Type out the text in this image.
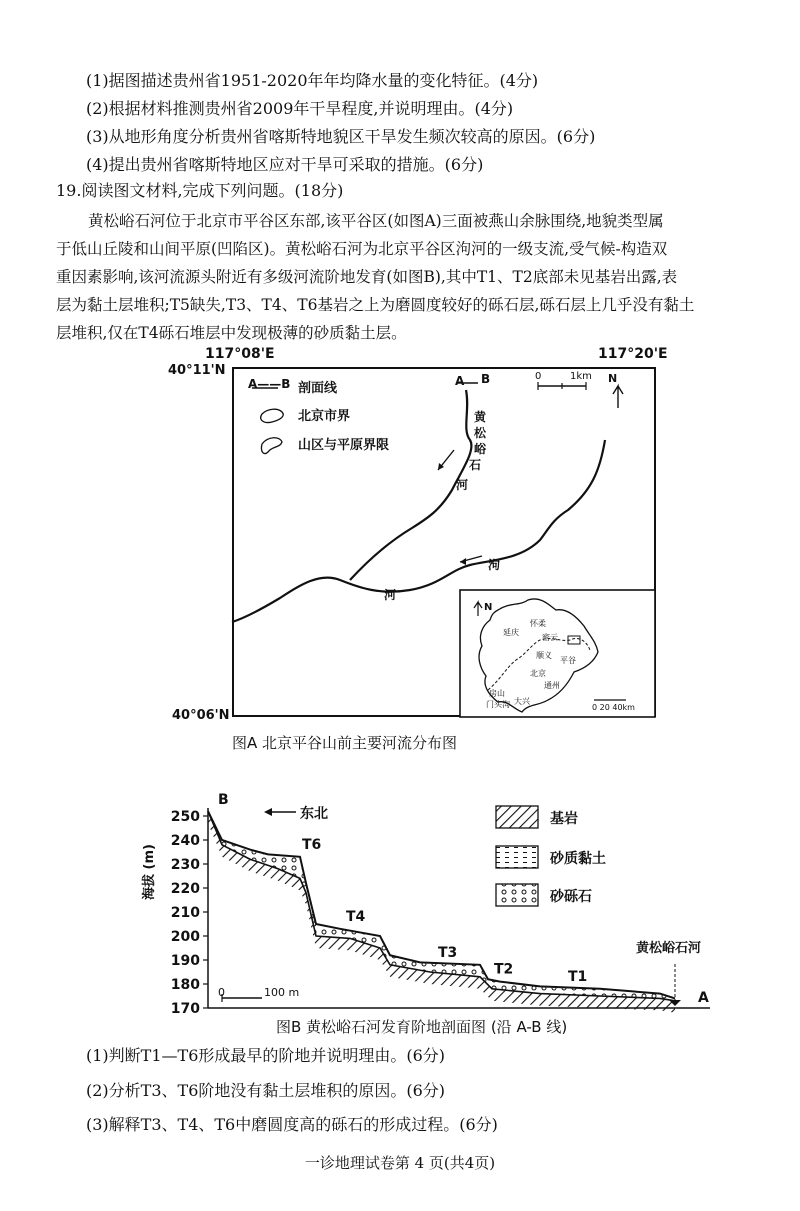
(1)据图描述贵州省1951-2020年年均降水量的变化特征。(4分)
(2)根据材料推测贵州省2009年干旱程度,并说明理由。(4分)
(3)从地形角度分析贵州省喀斯特地貌区干旱发生频次较高的原因。(6分)
(4)提出贵州省喀斯特地区应对干旱可采取的措施。(6分)
19.阅读图文材料,完成下列问题。(18分)
黄松峪石河位于北京市平谷区东部,该平谷区(如图A)三面被燕山余脉围绕,地貌类型属
于低山丘陵和山间平原(凹陷区)。黄松峪石河为北京平谷区泃河的一级支流,受气候-构造双
重因素影响,该河流源头附近有多级河流阶地发育(如图B),其中T1、T2底部未见基岩出露,表
层为黏土层堆积;T5缺失,T3、T4、T6基岩之上为磨圆度较好的砾石层,砾石层上几乎没有黏土
层堆积,仅在T4砾石堆层中发现极薄的砂质黏土层。
117°08'E	117°20'E
40°11'N
40°06'N
A——B 剖面线
北京市界
山区与平原界限
A B	0	1km N
黄
松
峪
石
河
泃
河
N
延庆
怀柔
密云
平谷
顺义
北京
通州
房山
门头沟 大兴
0 20 40km
图A 北京平谷山前主要河流分布图
250
240
230
220
210
200
190
180
170
T6
T4
T3
T2	T1
B
A
东北
0	100 m
黄松峪石河
海拔 (m)
基岩
砂质黏土
砂砾石
图B 黄松峪石河发育阶地剖面图 (沿 A-B 线)
(1)判断T1—T6形成最早的阶地并说明理由。(6分)
(2)分析T3、T6阶地没有黏土层堆积的原因。(6分)
(3)解释T3、T4、T6中磨圆度高的砾石的形成过程。(6分)
一诊地理试卷第 4 页(共4页)
